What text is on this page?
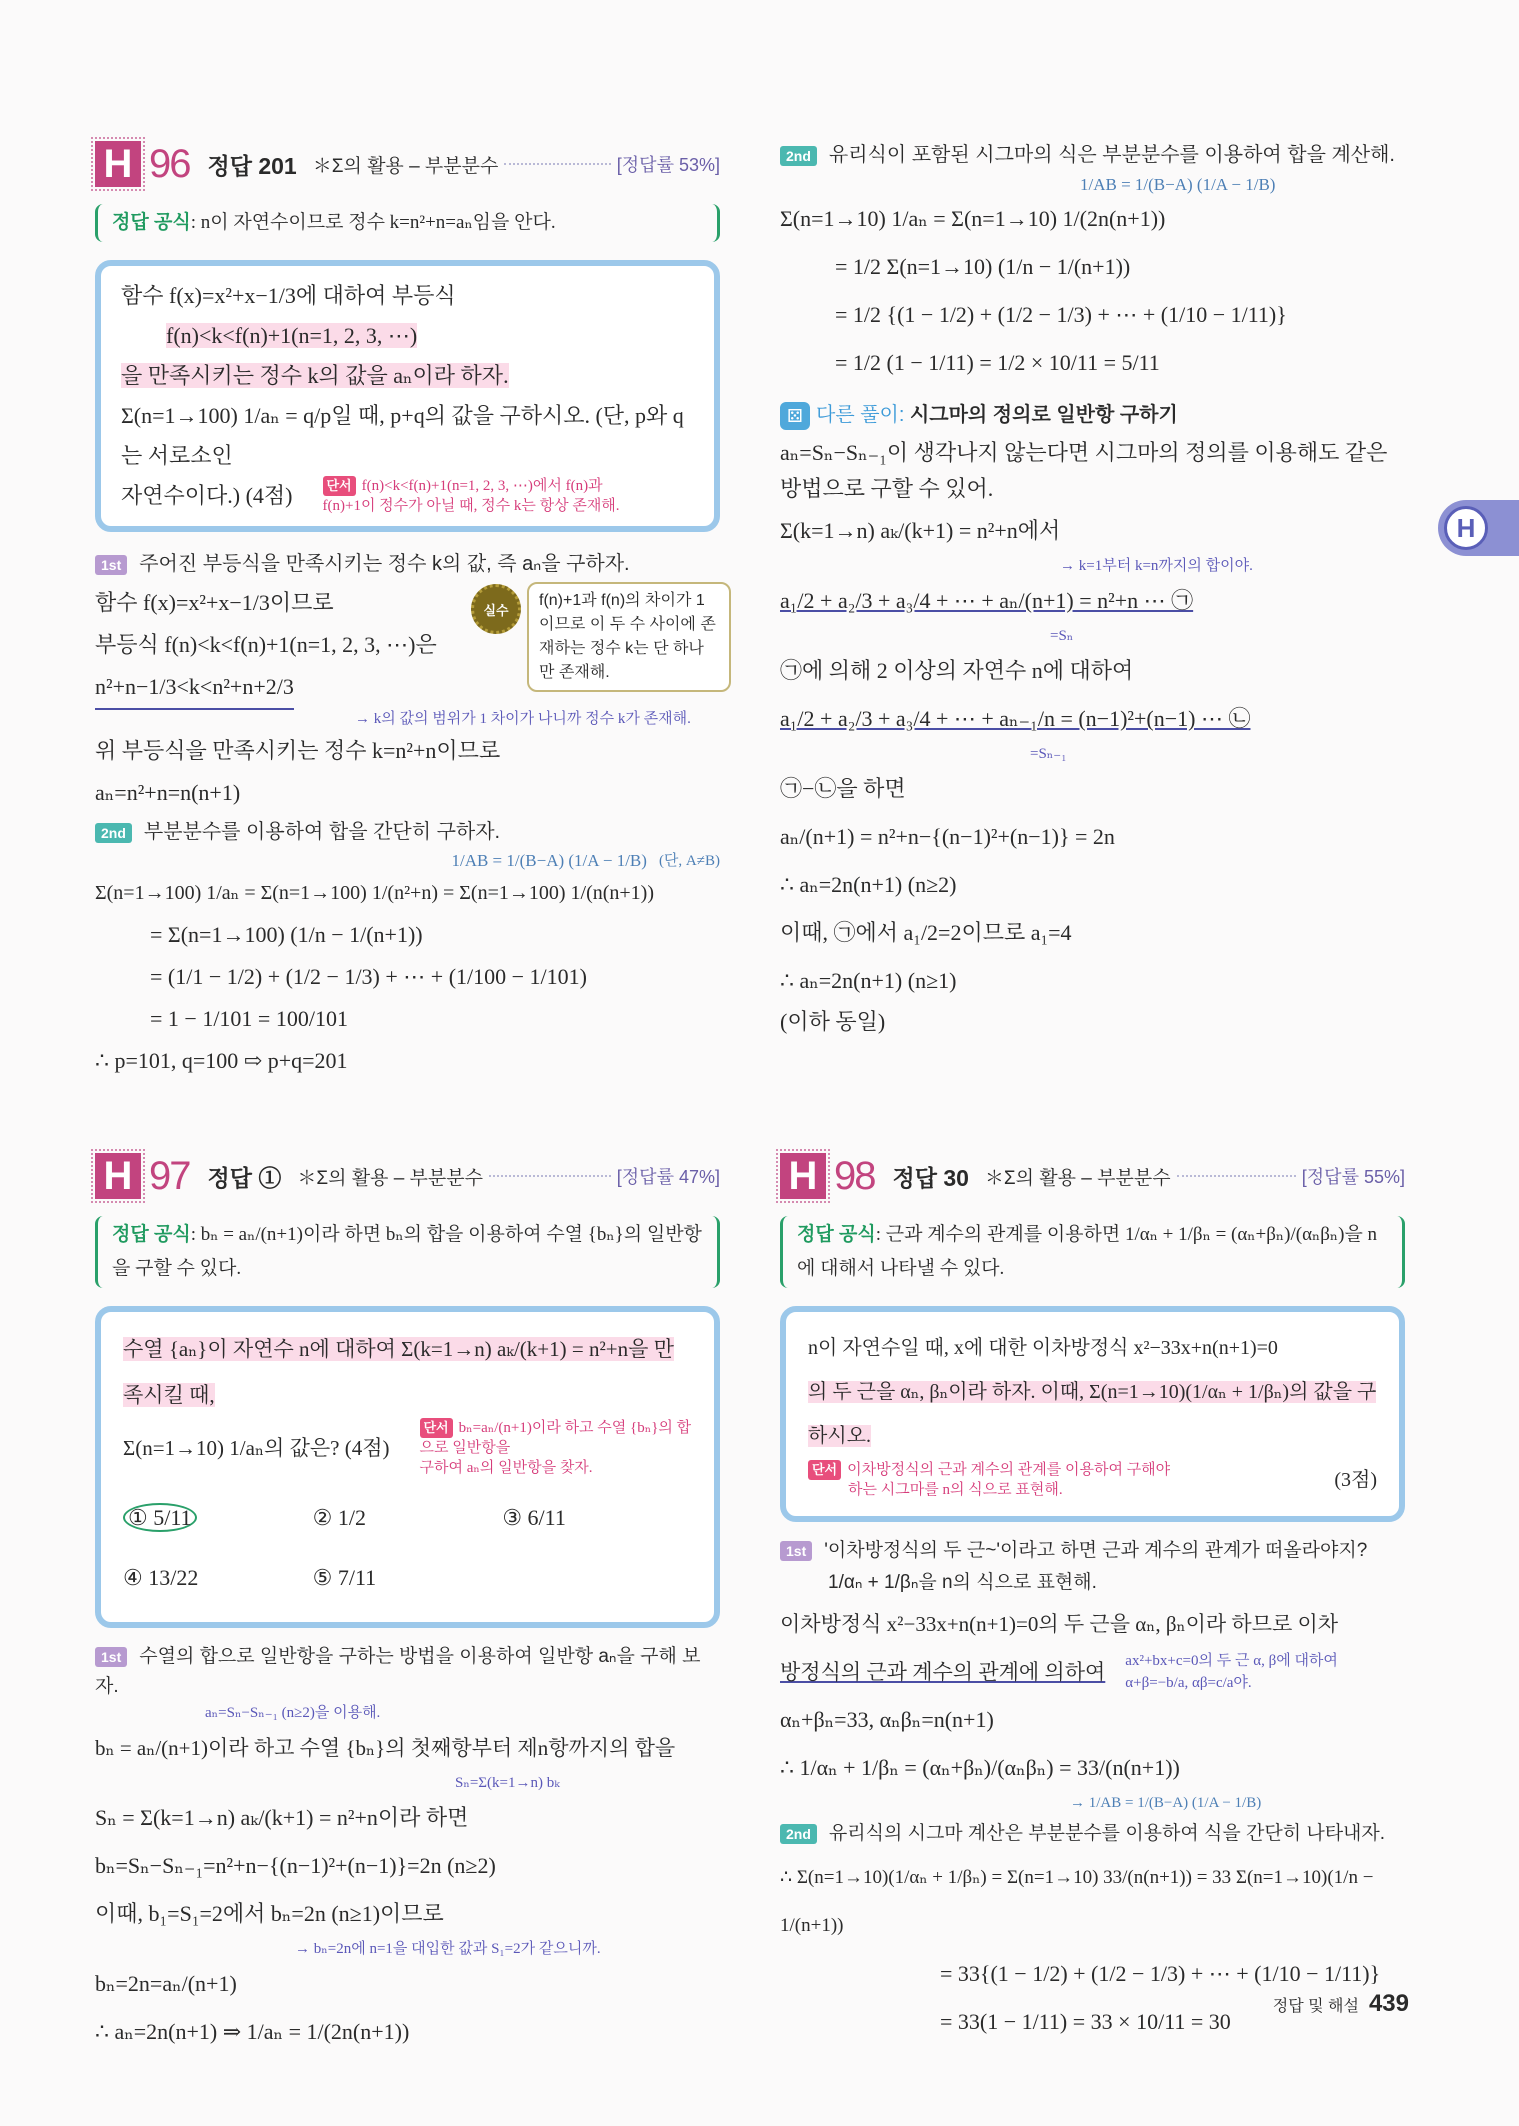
H 96 정답 201 ＊Σ의 활용 – 부분분수	[정답률 53%]
정답 공식: n이 자연수이므로 정수 k=n²+n=aₙ임을 안다.
함수 f(x)=x²+x−1/3에 대하여 부등식
f(n)<k<f(n)+1(n=1, 2, 3, ⋯)
을 만족시키는 정수 k의 값을 aₙ이라 하자.
Σ(n=1→100) 1/aₙ = q/p일 때, p+q의 값을 구하시오. (단, p와 q는 서로소인
자연수이다.) (4점)	단서 f(n)<k<f(n)+1(n=1, 2, 3, ⋯)에서 f(n)과
f(n)+1이 정수가 아닐 때, 정수 k는 항상 존재해.
1st 주어진 부등식을 만족시키는 정수 k의 값, 즉 aₙ을 구하자.
함수 f(x)=x²+x−1/3이므로
부등식 f(n)<k<f(n)+1(n=1, 2, 3, ⋯)은
n²+n−1/3<k<n²+n+2/3
→ k의 값의 범위가 1 차이가 나니까 정수 k가 존재해.
위 부등식을 만족시키는 정수 k=n²+n이므로
aₙ=n²+n=n(n+1)
실수
f(n)+1과 f(n)의 차이가 1이므로 이 두 수 사이에 존재하는 정수 k는 단 하나만 존재해.
2nd 부분분수를 이용하여 합을 간단히 구하자.
1/AB = 1/(B−A) (1/A − 1/B) (단, A≠B)
Σ(n=1→100) 1/aₙ = Σ(n=1→100) 1/(n²+n) = Σ(n=1→100) 1/(n(n+1))
= Σ(n=1→100) (1/n − 1/(n+1))
= (1/1 − 1/2) + (1/2 − 1/3) + ⋯ + (1/100 − 1/101)
= 1 − 1/101 = 100/101
∴ p=101, q=100 ⇨ p+q=201
2nd 유리식이 포함된 시그마의 식은 부분분수를 이용하여 합을 계산해.
1/AB = 1/(B−A) (1/A − 1/B)
Σ(n=1→10) 1/aₙ = Σ(n=1→10) 1/(2n(n+1))
= 1/2 Σ(n=1→10) (1/n − 1/(n+1))
= 1/2 {(1 − 1/2) + (1/2 − 1/3) + ⋯ + (1/10 − 1/11)}
= 1/2 (1 − 1/11) = 1/2 × 10/11 = 5/11
⚄ 다른 풀이: 시그마의 정의로 일반항 구하기
aₙ=Sₙ−Sₙ₋₁이 생각나지 않는다면 시그마의 정의를 이용해도 같은
방법으로 구할 수 있어.
Σ(k=1→n) aₖ/(k+1) = n²+n에서
→ k=1부터 k=n까지의 합이야.
a₁/2 + a₂/3 + a₃/4 + ⋯ + aₙ/(n+1) = n²+n ⋯ ㉠
=Sₙ
㉠에 의해 2 이상의 자연수 n에 대하여
a₁/2 + a₂/3 + a₃/4 + ⋯ + aₙ₋₁/n = (n−1)²+(n−1) ⋯ ㉡
=Sₙ₋₁
㉠−㉡을 하면
aₙ/(n+1) = n²+n−{(n−1)²+(n−1)} = 2n
∴ aₙ=2n(n+1) (n≥2)
이때, ㉠에서 a₁/2=2이므로 a₁=4
∴ aₙ=2n(n+1) (n≥1)
(이하 동일)
H 97 정답 ① ＊Σ의 활용 – 부분분수	[정답률 47%]
정답 공식: bₙ = aₙ/(n+1)이라 하면 bₙ의 합을 이용하여 수열 {bₙ}의 일반항을 구할 수 있다.
수열 {aₙ}이 자연수 n에 대하여 Σ(k=1→n) aₖ/(k+1) = n²+n을 만족시킬 때,
Σ(n=1→10) 1/aₙ의 값은? (4점)
단서 bₙ=aₙ/(n+1)이라 하고 수열 {bₙ}의 합으로 일반항을
구하여 aₙ의 일반항을 찾자.
① 5/11	② 1/2	③ 6/11
④ 13/22	⑤ 7/11
1st 수열의 합으로 일반항을 구하는 방법을 이용하여 일반항 aₙ을 구해 보자.
aₙ=Sₙ−Sₙ₋₁ (n≥2)을 이용해.
bₙ = aₙ/(n+1)이라 하고 수열 {bₙ}의 첫째항부터 제n항까지의 합을
Sₙ=Σ(k=1→n) bₖ
Sₙ = Σ(k=1→n) aₖ/(k+1) = n²+n이라 하면
bₙ=Sₙ−Sₙ₋₁=n²+n−{(n−1)²+(n−1)}=2n (n≥2)
이때, b₁=S₁=2에서 bₙ=2n (n≥1)이므로
→ bₙ=2n에 n=1을 대입한 값과 S₁=2가 같으니까.
bₙ=2n=aₙ/(n+1)
∴ aₙ=2n(n+1) ⇒ 1/aₙ = 1/(2n(n+1))
H 98 정답 30 ＊Σ의 활용 – 부분분수	[정답률 55%]
정답 공식: 근과 계수의 관계를 이용하면 1/αₙ + 1/βₙ = (αₙ+βₙ)/(αₙβₙ)을 n에 대해서 나타낼 수 있다.
n이 자연수일 때, x에 대한 이차방정식 x²−33x+n(n+1)=0
의 두 근을 αₙ, βₙ이라 하자. 이때, Σ(n=1→10)(1/αₙ + 1/βₙ)의 값을 구하시오.
단서 이차방정식의 근과 계수의 관계를 이용하여 구해야
하는 시그마를 n의 식으로 표현해.	(3점)
1st '이차방정식의 두 근~'이라고 하면 근과 계수의 관계가 떠올라야지?
1/αₙ + 1/βₙ을 n의 식으로 표현해.
이차방정식 x²−33x+n(n+1)=0의 두 근을 αₙ, βₙ이라 하므로 이차
방정식의 근과 계수의 관계에 의하여 ax²+bx+c=0의 두 근 α, β에 대하여
α+β=−b/a, αβ=c/a야.
αₙ+βₙ=33, αₙβₙ=n(n+1)
∴ 1/αₙ + 1/βₙ = (αₙ+βₙ)/(αₙβₙ) = 33/(n(n+1))
→ 1/AB = 1/(B−A) (1/A − 1/B)
2nd 유리식의 시그마 계산은 부분분수를 이용하여 식을 간단히 나타내자.
∴ Σ(n=1→10)(1/αₙ + 1/βₙ) = Σ(n=1→10) 33/(n(n+1)) = 33 Σ(n=1→10)(1/n − 1/(n+1))
= 33{(1 − 1/2) + (1/2 − 1/3) + ⋯ + (1/10 − 1/11)}
= 33(1 − 1/11) = 33 × 10/11 = 30
H
정답 및 해설 439
